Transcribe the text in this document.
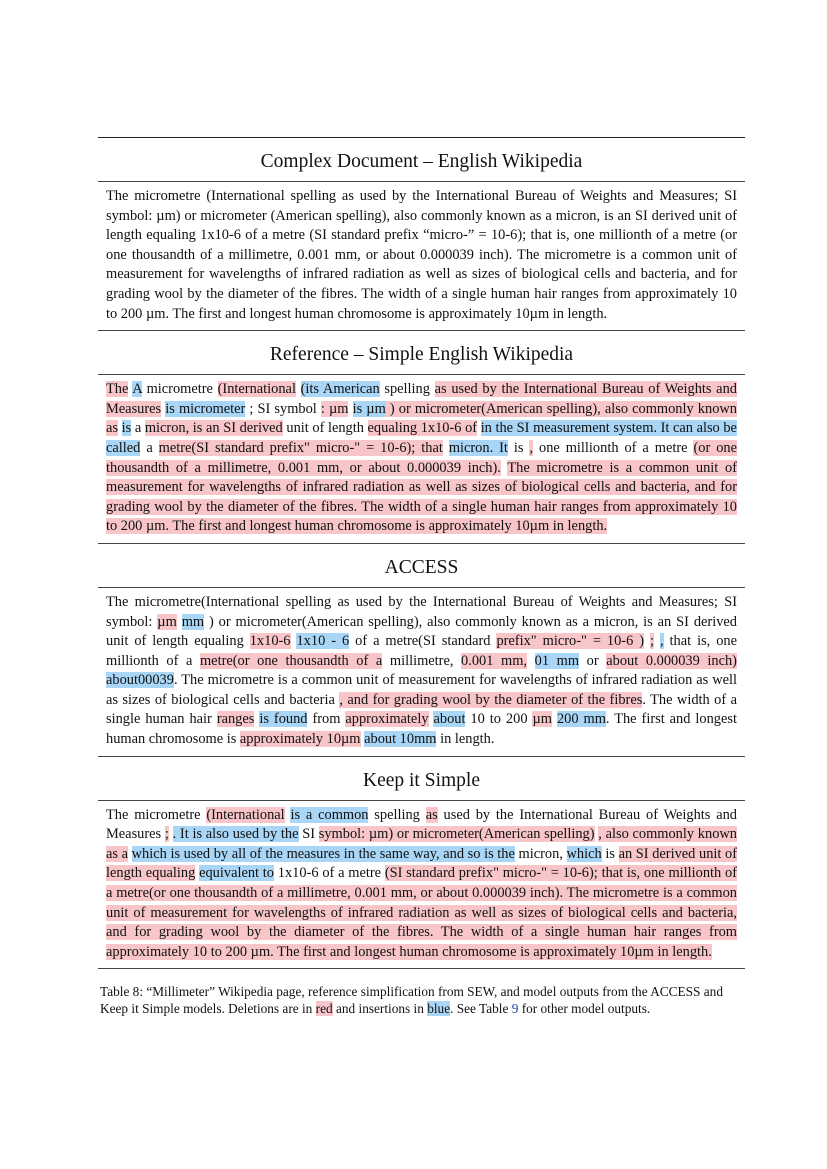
Complex Document – English Wikipedia
The micrometre (International spelling as used by the International Bureau of Weights and Measures; SI symbol: µm) or micrometer (American spelling), also commonly known as a micron, is an SI derived unit of length equaling 1x10-6 of a metre (SI standard prefix “micro-” = 10-6); that is, one millionth of a metre (or one thousandth of a millimetre, 0.001 mm, or about 0.000039 inch). The micrometre is a common unit of measurement for wavelengths of infrared radiation as well as sizes of biological cells and bacteria, and for grading wool by the diameter of the fibres. The width of a single human hair ranges from approximately 10 to 200 µm. The first and longest human chromosome is approximately 10µm in length.
Reference – Simple English Wikipedia
The A micrometre (International (its American spelling as used by the International Bureau of Weights and Measures is micrometer ; SI symbol : µm is µm ) or micrometer(American spelling), also commonly known as is a micron, is an SI derived unit of length equaling 1x10-6 of in the SI measurement system. It can also be called a metre(SI standard prefix" micro-" = 10-6); that micron. It is , one millionth of a metre (or one thousandth of a millimetre, 0.001 mm, or about 0.000039 inch). The micrometre is a common unit of measurement for wavelengths of infrared radiation as well as sizes of biological cells and bacteria, and for grading wool by the diameter of the fibres. The width of a single human hair ranges from approximately 10 to 200 µm. The first and longest human chromosome is approximately 10µm in length.
ACCESS
The micrometre(International spelling as used by the International Bureau of Weights and Measures; SI symbol: µm mm ) or micrometer(American spelling), also commonly known as a micron, is an SI derived unit of length equaling 1x10-6 1x10 - 6 of a metre(SI standard prefix" micro-" = 10-6 ) ; , that is, one millionth of a metre(or one thousandth of a millimetre, 0.001 mm, 01 mm or about 0.000039 inch) about00039. The micrometre is a common unit of measurement for wavelengths of infrared radiation as well as sizes of biological cells and bacteria , and for grading wool by the diameter of the fibres. The width of a single human hair ranges is found from approximately about 10 to 200 µm 200 mm. The first and longest human chromosome is approximately 10µm about 10mm in length.
Keep it Simple
The micrometre (International is a common spelling as used by the International Bureau of Weights and Measures ; . It is also used by the SI symbol: µm) or micrometer(American spelling) , also commonly known as a which is used by all of the measures in the same way, and so is the micron, which is an SI derived unit of length equaling equivalent to 1x10-6 of a metre (SI standard prefix" micro-" = 10-6); that is, one millionth of a metre(or one thousandth of a millimetre, 0.001 mm, or about 0.000039 inch). The micrometre is a common unit of measurement for wavelengths of infrared radiation as well as sizes of biological cells and bacteria, and for grading wool by the diameter of the fibres. The width of a single human hair ranges from approximately 10 to 200 µm. The first and longest human chromosome is approximately 10µm in length.
Table 8: “Millimeter” Wikipedia page, reference simplification from SEW, and model outputs from the ACCESS and Keep it Simple models. Deletions are in red and insertions in blue. See Table 9 for other model outputs.
